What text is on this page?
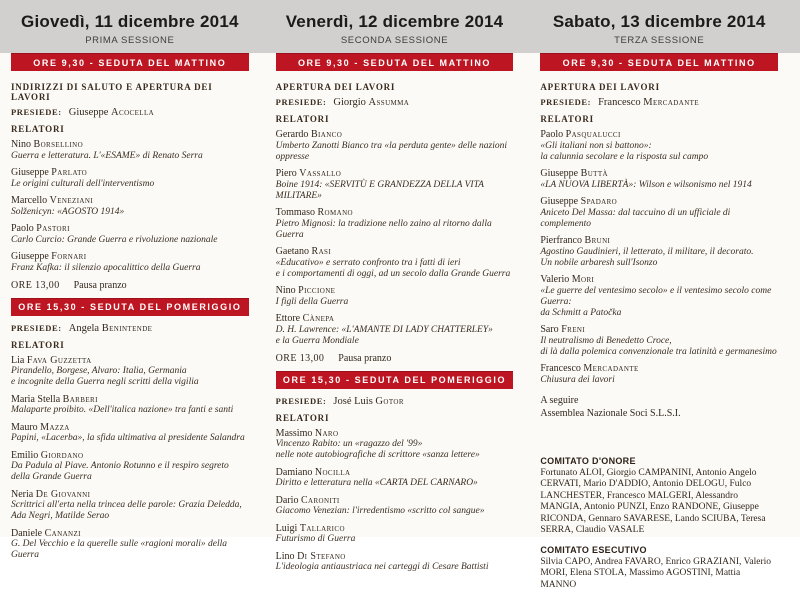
Giovedì, 11 dicembre 2014
PRIMA SESSIONE
ORE 9,30 - SEDUTA DEL MATTINO
INDIRIZZI DI SALUTO E APERTURA DEI LAVORI
PRESIEDE: Giuseppe Acocella
RELATORI
Nino Borsellino
Guerra e letteratura. L'«ESAME» di Renato Serra
Giuseppe Parlato
Le origini culturali dell'interventismo
Marcello Veneziani
Solženicyn: «AGOSTO 1914»
Paolo Pastori
Carlo Curcio: Grande Guerra e rivoluzione nazionale
Giuseppe Fornari
Franz Kafka: il silenzio apocalittico della Guerra
ORE 13,00 Pausa pranzo
ORE 15,30 - SEDUTA DEL POMERIGGIO
PRESIEDE: Angela Benintende
RELATORI
Lia Fava Guzzetta
Pirandello, Borgese, Alvaro: Italia, Germania
e incognite della Guerra negli scritti della vigilia
Maria Stella Barberi
Malaparte proibito. «Dell'italica nazione» tra fanti e santi
Mauro Mazza
Papini, «Lacerba», la sfida ultimativa al presidente Salandra
Emilio Giordano
Da Padula al Piave. Antonio Rotunno e il respiro segreto
della Grande Guerra
Neria De Giovanni
Scrittrici all'erta nella trincea delle parole: Grazia Deledda,
Ada Negri, Matilde Serao
Daniele Cananzi
G. Del Vecchio e la querelle sulle «ragioni morali» della Guerra
Venerdì, 12 dicembre 2014
SECONDA SESSIONE
ORE 9,30 - SEDUTA DEL MATTINO
APERTURA DEI LAVORI
PRESIEDE: Giorgio Assumma
RELATORI
Gerardo Bianco
Umberto Zanotti Bianco tra «la perduta gente» delle nazioni oppresse
Piero Vassallo
Boine 1914: «SERVITÙ E GRANDEZZA DELLA VITA MILITARE»
Tommaso Romano
Pietro Mignosi: la tradizione nello zaino al ritorno dalla Guerra
Gaetano Rasi
«Educativo» e serrato confronto tra i fatti di ieri
e i comportamenti di oggi, ad un secolo dalla Grande Guerra
Nino Piccione
I figli della Guerra
Ettore Cànepa
D. H. Lawrence: «L'AMANTE DI LADY CHATTERLEY»
e la Guerra Mondiale
ORE 13,00 Pausa pranzo
ORE 15,30 - SEDUTA DEL POMERIGGIO
PRESIEDE: José Luis Gotor
RELATORI
Massimo Naro
Vincenzo Rabito: un «ragazzo del '99»
nelle note autobiografiche di scrittore «sanza lettere»
Damiano Nocilla
Diritto e letteratura nella «CARTA DEL CARNARO»
Dario Caroniti
Giacomo Venezian: l'irredentismo «scritto col sangue»
Luigi Tallarico
Futurismo di Guerra
Lino Di Stefano
L'ideologia antiaustriaca nei carteggi di Cesare Battisti
Sabato, 13 dicembre 2014
TERZA SESSIONE
ORE 9,30 - SEDUTA DEL MATTINO
APERTURA DEI LAVORI
PRESIEDE: Francesco Mercadante
RELATORI
Paolo Pasqualucci
«Gli italiani non si battono»:
la calunnia secolare e la risposta sul campo
Giuseppe Buttà
«LA NUOVA LIBERTÀ»: Wilson e wilsonismo nel 1914
Giuseppe Spadaro
Aniceto Del Massa: dal taccuino di un ufficiale di complemento
Pierfranco Bruni
Agostino Gaudinieri, il letterato, il militare, il decorato.
Un nobile arbaresh sull'Isonzo
Valerio Mori
«Le guerre del ventesimo secolo» e il ventesimo secolo come Guerra:
da Schmitt a Patočka
Saro Freni
Il neutralismo di Benedetto Croce,
di là dalla polemica convenzionale tra latinità e germanesimo
Francesco Mercadante
Chiusura dei lavori
A seguire
Assemblea Nazionale Soci S.L.S.I.
COMITATO D'ONORE
Fortunato ALOI, Giorgio CAMPANINI, Antonio Angelo CERVATI, Mario D'ADDIO, Antonio DELOGU, Fulco LANCHESTER, Francesco MALGERI, Alessandro MANGIA, Antonio PUNZI, Enzo RANDONE, Giuseppe RICONDA, Gennaro SAVARESE, Lando SCIUBA, Teresa SERRA, Claudio VASALE
COMITATO ESECUTIVO
Silvia CAPO, Andrea FAVARO, Enrico GRAZIANI, Valerio MORI, Elena STOLA, Massimo AGOSTINI, Mattia MANNO
